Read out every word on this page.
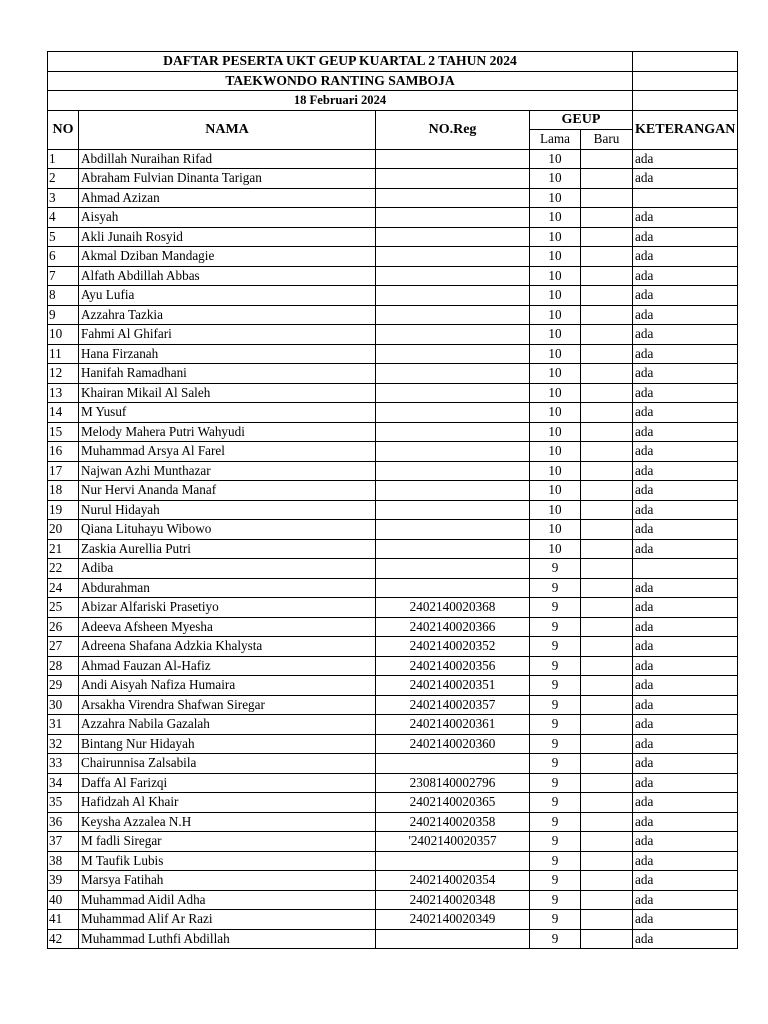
DAFTAR PESERTA UKT GEUP KUARTAL 2 TAHUN 2024					
TAEKWONDO RANTING SAMBOJA					
18 Februari 2024					
NO	NAMA	NO.Reg	GEUP		KETERANGAN
			Lama	Baru	
1	Abdillah Nuraihan Rifad		10		ada
2	Abraham Fulvian Dinanta Tarigan		10		ada
3	Ahmad Azizan		10		
4	Aisyah		10		ada
5	Akli Junaih Rosyid		10		ada
6	Akmal Dziban Mandagie		10		ada
7	Alfath Abdillah Abbas		10		ada
8	Ayu Lufia		10		ada
9	Azzahra Tazkia		10		ada
10	Fahmi Al Ghifari		10		ada
11	Hana Firzanah		10		ada
12	Hanifah Ramadhani		10		ada
13	Khairan Mikail Al Saleh		10		ada
14	M Yusuf		10		ada
15	Melody Mahera Putri Wahyudi		10		ada
16	Muhammad Arsya Al Farel		10		ada
17	Najwan Azhi Munthazar		10		ada
18	Nur Hervi Ananda Manaf		10		ada
19	Nurul Hidayah		10		ada
20	Qiana Lituhayu Wibowo		10		ada
21	Zaskia Aurellia Putri		10		ada
22	Adiba		9		
24	Abdurahman		9		ada
25	Abizar Alfariski Prasetiyo	2402140020368	9		ada
26	Adeeva Afsheen Myesha	2402140020366	9		ada
27	Adreena Shafana Adzkia Khalysta	2402140020352	9		ada
28	Ahmad Fauzan Al-Hafiz	2402140020356	9		ada
29	Andi Aisyah Nafiza Humaira	2402140020351	9		ada
30	Arsakha Virendra Shafwan Siregar	2402140020357	9		ada
31	Azzahra Nabila Gazalah	2402140020361	9		ada
32	Bintang Nur Hidayah	2402140020360	9		ada
33	Chairunnisa Zalsabila		9		ada
34	Daffa Al Farizqi	2308140002796	9		ada
35	Hafidzah Al Khair	2402140020365	9		ada
36	Keysha Azzalea N.H	2402140020358	9		ada
37	M fadli Siregar	'2402140020357	9		ada
38	M Taufik Lubis		9		ada
39	Marsya Fatihah	2402140020354	9		ada
40	Muhammad Aidil Adha	2402140020348	9		ada
41	Muhammad Alif Ar Razi	2402140020349	9		ada
42	Muhammad Luthfi Abdillah		9		ada
